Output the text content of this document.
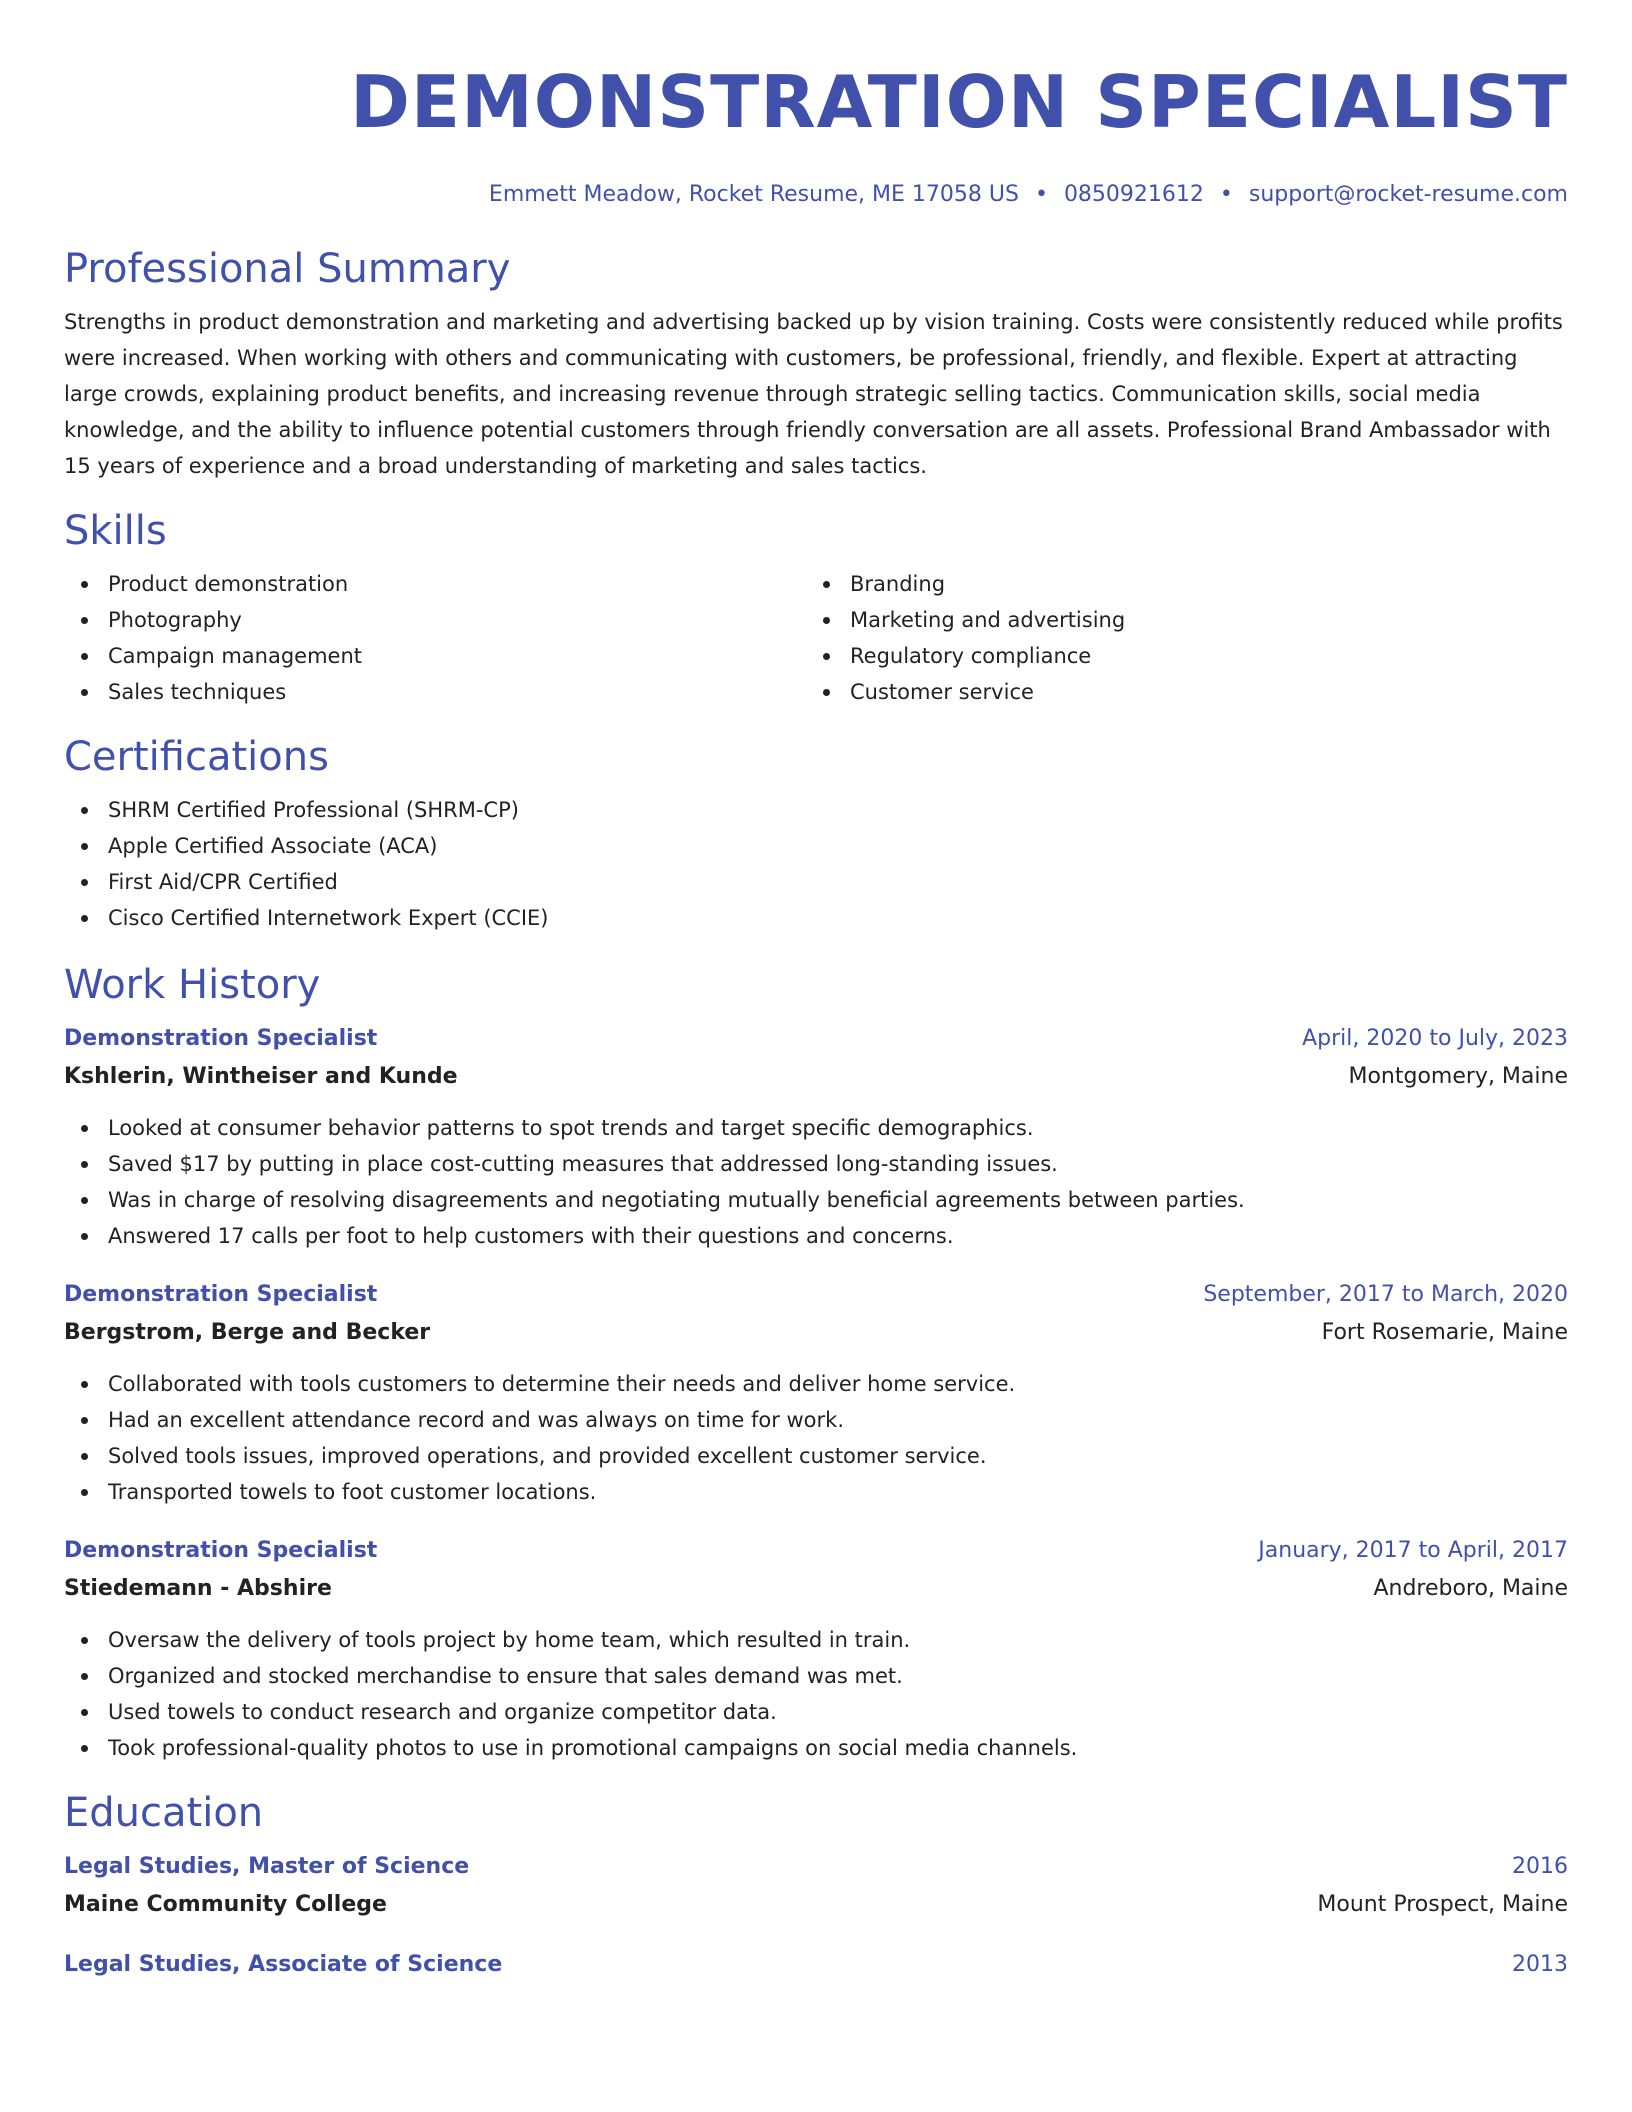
DEMONSTRATION SPECIALIST
Emmett Meadow, Rocket Resume, ME 17058 US • 0850921612 • support@rocket-resume.com
Professional Summary

Strengths in product demonstration and marketing and advertising backed up by vision training. Costs were consistently reduced while profits were increased. When working with others and communicating with customers, be professional, friendly, and flexible. Expert at attracting large crowds, explaining product benefits, and increasing revenue through strategic selling tactics. Communication skills, social media knowledge, and the ability to influence potential customers through friendly conversation are all assets. Professional Brand Ambassador with 15 years of experience and a broad understanding of marketing and sales tactics.

Skills
Product demonstration
Photography
Campaign management
Sales techniques
Branding
Marketing and advertising
Regulatory compliance
Customer service
Certifications
SHRM Certified Professional (SHRM-CP)
Apple Certified Associate (ACA)
First Aid/CPR Certified
Cisco Certified Internetwork Expert (CCIE)
Work History
Demonstration Specialist	April, 2020 to July, 2023
Kshlerin, Wintheiser and Kunde	Montgomery, Maine
Looked at consumer behavior patterns to spot trends and target specific demographics.
Saved $17 by putting in place cost-cutting measures that addressed long-standing issues.
Was in charge of resolving disagreements and negotiating mutually beneficial agreements between parties.
Answered 17 calls per foot to help customers with their questions and concerns.
Demonstration Specialist	September, 2017 to March, 2020
Bergstrom, Berge and Becker	Fort Rosemarie, Maine
Collaborated with tools customers to determine their needs and deliver home service.
Had an excellent attendance record and was always on time for work.
Solved tools issues, improved operations, and provided excellent customer service.
Transported towels to foot customer locations.
Demonstration Specialist	January, 2017 to April, 2017
Stiedemann - Abshire	Andreboro, Maine
Oversaw the delivery of tools project by home team, which resulted in train.
Organized and stocked merchandise to ensure that sales demand was met.
Used towels to conduct research and organize competitor data.
Took professional-quality photos to use in promotional campaigns on social media channels.
Education
Legal Studies, Master of Science	2016
Maine Community College	Mount Prospect, Maine
Legal Studies, Associate of Science	2013
